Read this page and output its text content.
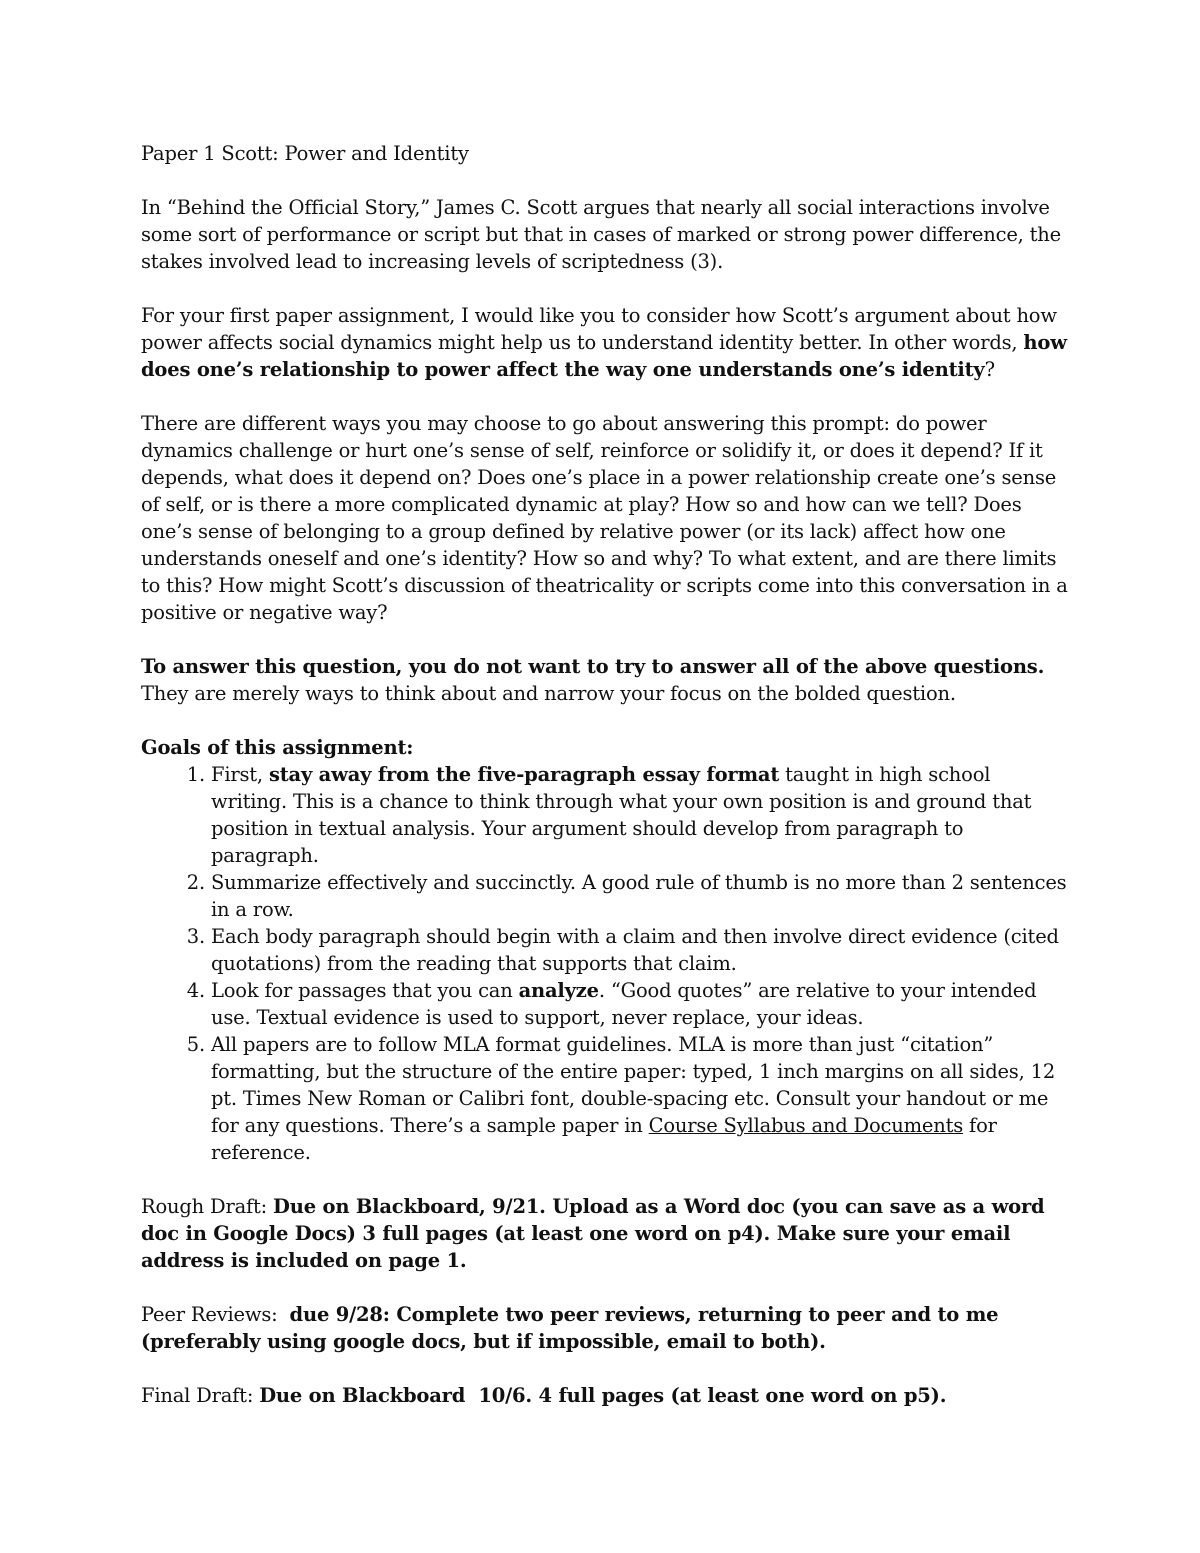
Paper 1 Scott: Power and Identity

In “Behind the Official Story,” James C. Scott argues that nearly all social interactions involve some sort of performance or script but that in cases of marked or strong power difference, the stakes involved lead to increasing levels of scriptedness (3).

For your first paper assignment, I would like you to consider how Scott’s argument about how power affects social dynamics might help us to understand identity better. In other words, how does one’s relationship to power affect the way one understands one’s identity?

There are different ways you may choose to go about answering this prompt: do power dynamics challenge or hurt one’s sense of self, reinforce or solidify it, or does it depend? If it depends, what does it depend on? Does one’s place in a power relationship create one’s sense of self, or is there a more complicated dynamic at play? How so and how can we tell? Does one’s sense of belonging to a group defined by relative power (or its lack) affect how one understands oneself and one’s identity? How so and why? To what extent, and are there limits to this? How might Scott’s discussion of theatricality or scripts come into this conversation in a positive or negative way?

To answer this question, you do not want to try to answer all of the above questions. They are merely ways to think about and narrow your focus on the bolded question.

Goals of this assignment:

1. First, stay away from the five-paragraph essay format taught in high school writing. This is a chance to think through what your own position is and ground that position in textual analysis. Your argument should develop from paragraph to paragraph.
2. Summarize effectively and succinctly. A good rule of thumb is no more than 2 sentences in a row.
3. Each body paragraph should begin with a claim and then involve direct evidence (cited quotations) from the reading that supports that claim.
4. Look for passages that you can analyze. “Good quotes” are relative to your intended use. Textual evidence is used to support, never replace, your ideas.
5. All papers are to follow MLA format guidelines. MLA is more than just “citation” formatting, but the structure of the entire paper: typed, 1 inch margins on all sides, 12 pt. Times New Roman or Calibri font, double-spacing etc. Consult your handout or me for any questions. There’s a sample paper in Course Syllabus and Documents for reference.

Rough Draft: Due on Blackboard, 9/21. Upload as a Word doc (you can save as a word doc in Google Docs) 3 full pages (at least one word on p4). Make sure your email address is included on page 1.

Peer Reviews:  due 9/28: Complete two peer reviews, returning to peer and to me (preferably using google docs, but if impossible, email to both).

Final Draft: Due on Blackboard  10/6. 4 full pages (at least one word on p5).
